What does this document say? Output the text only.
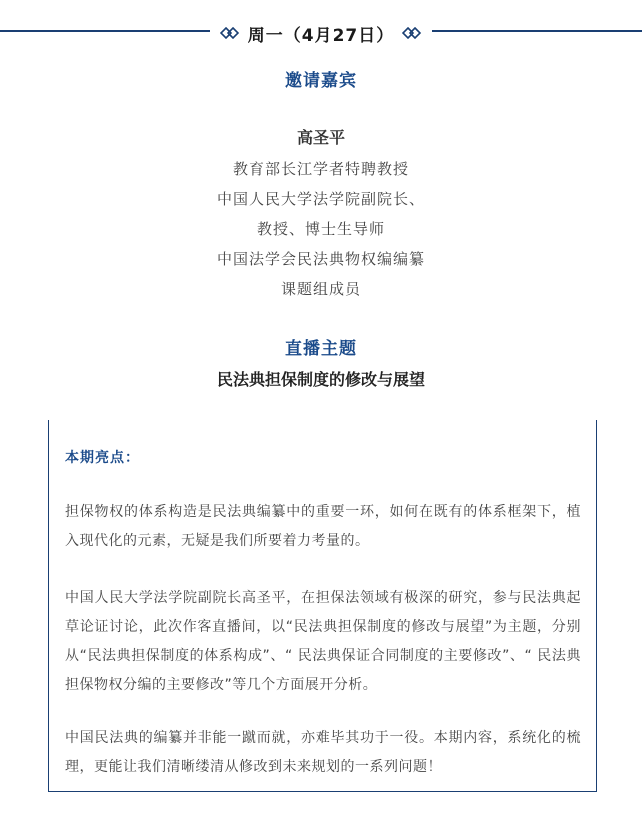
周一（4月27日）
邀请嘉宾
高圣平
教育部长江学者特聘教授
中国人民大学法学院副院长、
教授、博士生导师
中国法学会民法典物权编编纂
课题组成员
直播主题
民法典担保制度的修改与展望
本期亮点：

担保物权的体系构造是民法典编纂中的重要一环，如何在既有的体系框架下，植入现代化的元素，无疑是我们所要着力考量的。

中国人民大学法学院副院长高圣平，在担保法领域有极深的研究，参与民法典起草论证讨论，此次作客直播间，以“民法典担保制度的修改与展望”为主题，分别从“民法典担保制度的体系构成”、“ 民法典保证合同制度的主要修改”、“ 民法典担保物权分编的主要修改”等几个方面展开分析。

中国民法典的编纂并非能一蹴而就，亦难毕其功于一役。本期内容，系统化的梳理，更能让我们清晰缕清从修改到未来规划的一系列问题！
